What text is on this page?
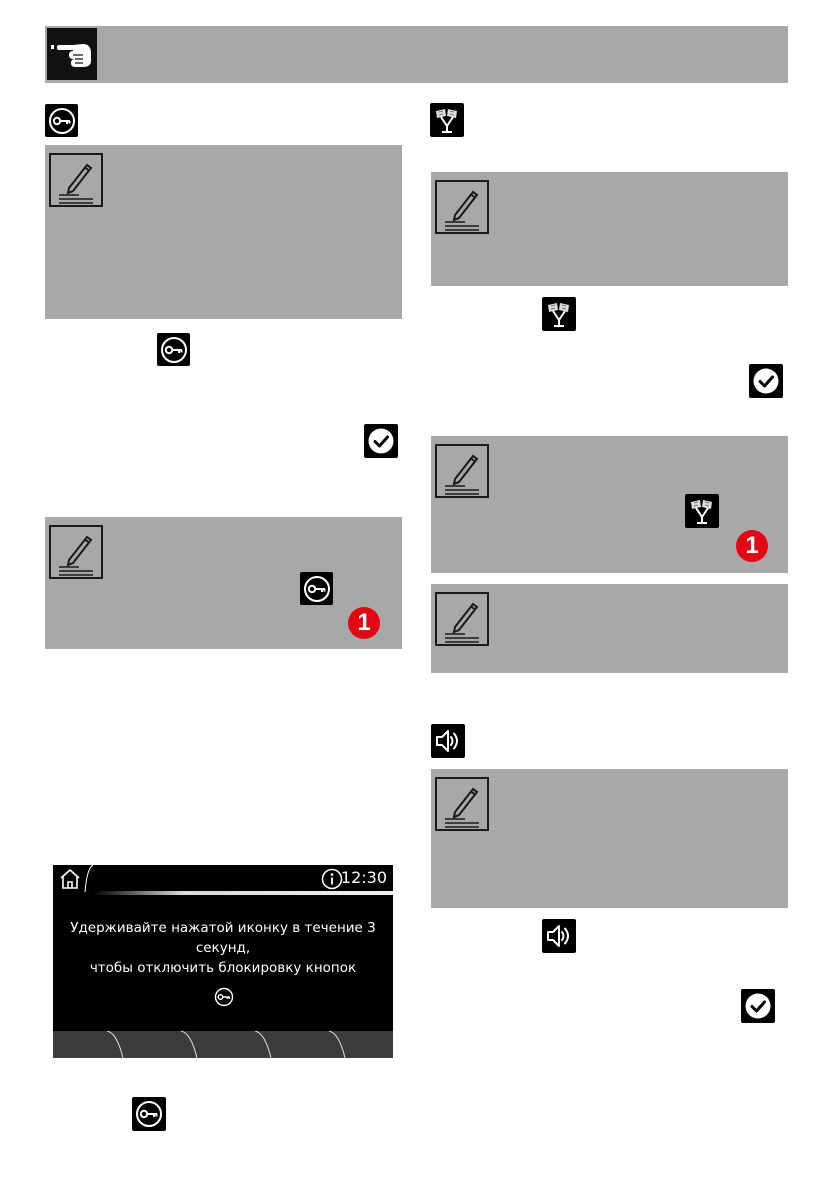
1
12:30
Удерживайте нажатой иконку в течение 3 секунд,
чтобы отключить блокировку кнопок
1
